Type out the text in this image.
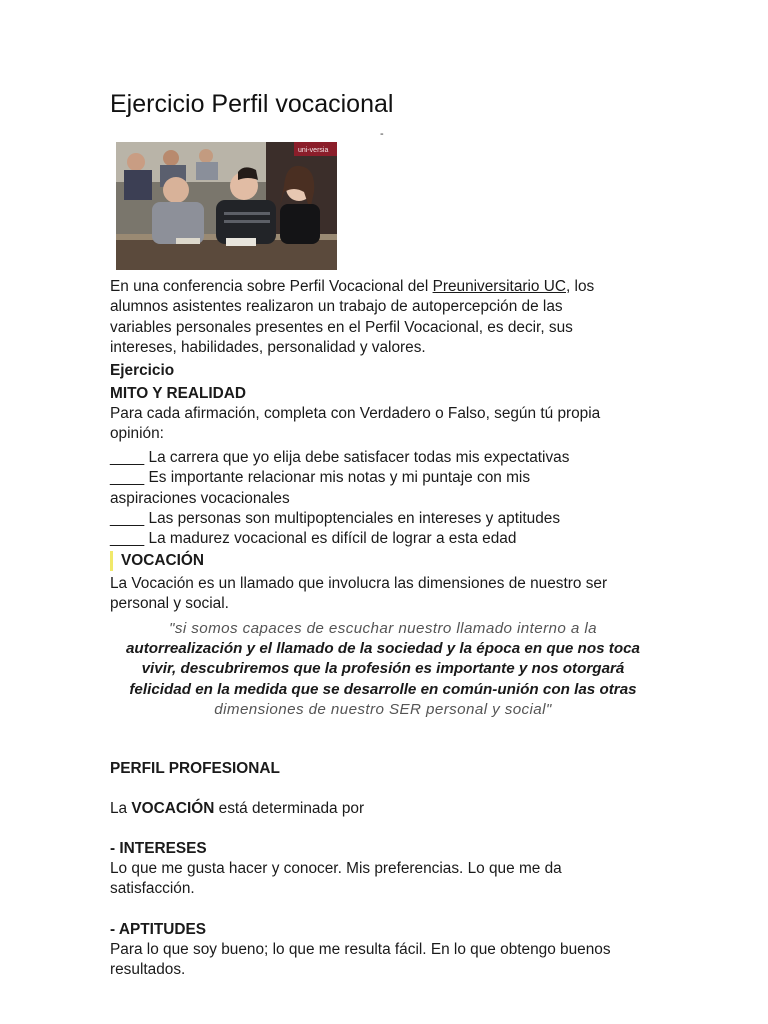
Ejercicio Perfil vocacional
-
uni-versia
En una conferencia sobre Perfil Vocacional del Preuniversitario UC, los
alumnos asistentes realizaron un trabajo de autopercepción de las
variables personales presentes en el Perfil Vocacional, es decir, sus
intereses, habilidades, personalidad y valores.
Ejercicio
MITO Y REALIDAD
Para cada afirmación, completa con Verdadero o Falso, según tú propia
opinión:
____ La carrera que yo elija debe satisfacer todas mis expectativas
____ Es importante relacionar mis notas y mi puntaje con mis
aspiraciones vocacionales
____ Las personas son multipoptenciales en intereses y aptitudes
____ La madurez vocacional es difícil de lograr a esta edad
VOCACIÓN
La Vocación es un llamado que involucra las dimensiones de nuestro ser
personal y social.
"si somos capaces de escuchar nuestro llamado interno a la
autorrealización y el llamado de la sociedad y la época en que nos toca
vivir, descubriremos que la profesión es importante y nos otorgará
felicidad en la medida que se desarrolle en común-unión con las otras
dimensiones de nuestro SER personal y social"
PERFIL PROFESIONAL
La VOCACIÓN está determinada por
- INTERESES
Lo que me gusta hacer y conocer. Mis preferencias. Lo que me da
satisfacción.
- APTITUDES
Para lo que soy bueno; lo que me resulta fácil. En lo que obtengo buenos
resultados.
